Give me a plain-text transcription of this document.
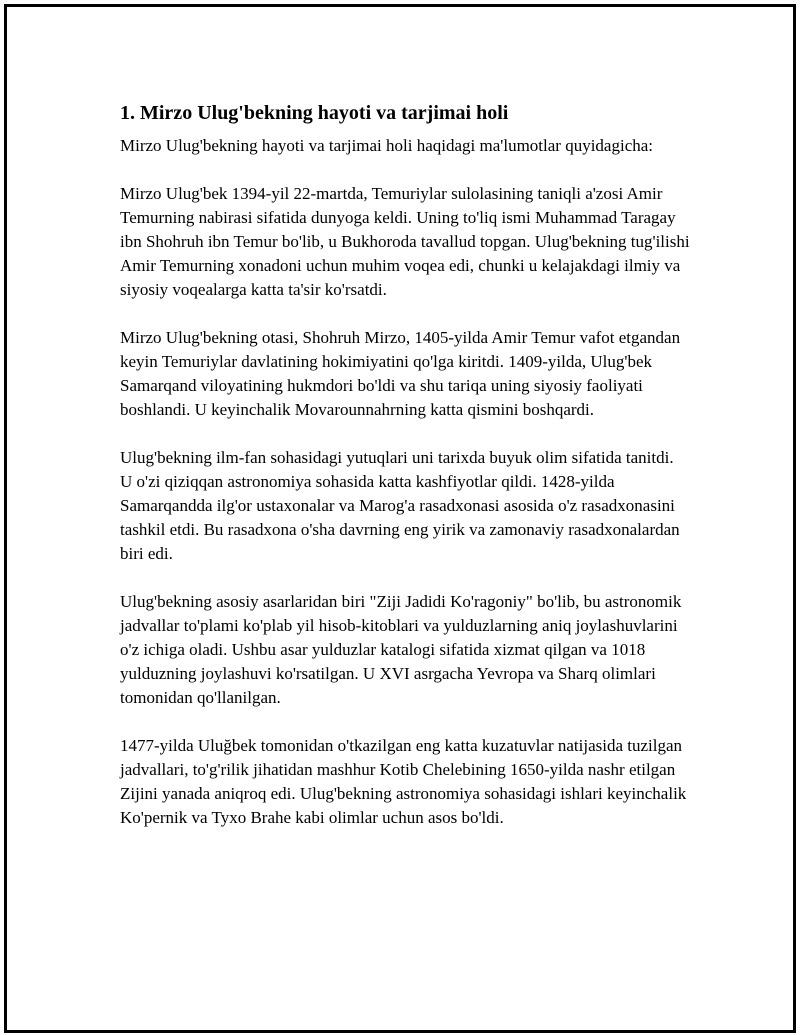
1. Mirzo Ulug'bekning hayoti va tarjimai holi

Mirzo Ulug'bekning hayoti va tarjimai holi haqidagi ma'lumotlar quyidagicha:

Mirzo Ulug'bek 1394-yil 22-martda, Temuriylar sulolasining taniqli a'zosi Amir Temurning nabirasi sifatida dunyoga keldi. Uning to'liq ismi Muhammad Taragay ibn Shohruh ibn Temur bo'lib, u Bukhoroda tavallud topgan. Ulug'bekning tug'ilishi Amir Temurning xonadoni uchun muhim voqea edi, chunki u kelajakdagi ilmiy va siyosiy voqealarga katta ta'sir ko'rsatdi.

Mirzo Ulug'bekning otasi, Shohruh Mirzo, 1405-yilda Amir Temur vafot etgandan keyin Temuriylar davlatining hokimiyatini qo'lga kiritdi. 1409-yilda, Ulug'bek Samarqand viloyatining hukmdori bo'ldi va shu tariqa uning siyosiy faoliyati boshlandi. U keyinchalik Movarounnahrning katta qismini boshqardi.

Ulug'bekning ilm-fan sohasidagi yutuqlari uni tarixda buyuk olim sifatida tanitdi. U o'zi qiziqqan astronomiya sohasida katta kashfiyotlar qildi. 1428-yilda Samarqandda ilg'or ustaxonalar va Marog'a rasadxonasi asosida o'z rasadxonasini tashkil etdi. Bu rasadxona o'sha davrning eng yirik va zamonaviy rasadxonalardan biri edi.

Ulug'bekning asosiy asarlaridan biri "Ziji Jadidi Ko'ragoniy" bo'lib, bu astronomik jadvallar to'plami ko'plab yil hisob-kitoblari va yulduzlarning aniq joylashuvlarini o'z ichiga oladi. Ushbu asar yulduzlar katalogi sifatida xizmat qilgan va 1018 yulduzning joylashuvi ko'rsatilgan. U XVI asrgacha Yevropa va Sharq olimlari tomonidan qo'llanilgan.

1477-yilda Uluğbek tomonidan o'tkazilgan eng katta kuzatuvlar natijasida tuzilgan jadvallari, to'g'rilik jihatidan mashhur Kotib Chelebining 1650-yilda nashr etilgan Zijini yanada aniqroq edi. Ulug'bekning astronomiya sohasidagi ishlari keyinchalik Ko'pernik va Tyxo Brahe kabi olimlar uchun asos bo'ldi.
